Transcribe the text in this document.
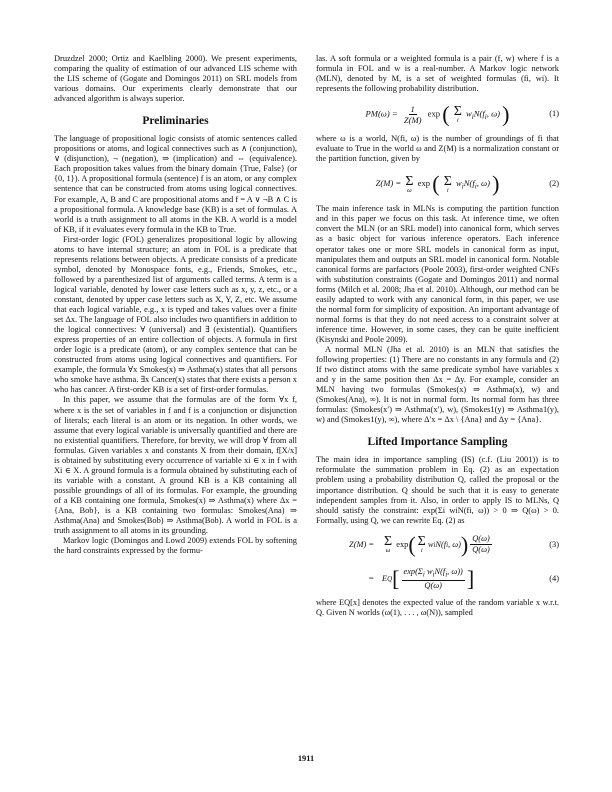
Druzdzel 2000; Ortiz and Kaelbling 2000). We present experiments, comparing the quality of estimation of our advanced LIS scheme with the LIS scheme of (Gogate and Domingos 2011) on SRL models from various domains. Our experiments clearly demonstrate that our advanced algorithm is always superior.

Preliminaries

The language of propositional logic consists of atomic sentences called propositions or atoms, and logical connectives such as ∧ (conjunction), ∨ (disjunction), ¬ (negation), ⇒ (implication) and ⇔ (equivalence). Each proposition takes values from the binary domain {True, False} (or {0, 1}). A propositional formula (sentence) f is an atom, or any complex sentence that can be constructed from atoms using logical connectives. For example, A, B and C are propositional atoms and f = A ∨ ¬B ∧ C is a propositional formula. A knowledge base (KB) is a set of formulas. A world is a truth assignment to all atoms in the KB. A world is a model of KB, if it evaluates every formula in the KB to True.

First-order logic (FOL) generalizes propositional logic by allowing atoms to have internal structure; an atom in FOL is a predicate that represents relations between objects. A predicate consists of a predicate symbol, denoted by Monospace fonts, e.g., Friends, Smokes, etc., followed by a parenthesized list of arguments called terms. A term is a logical variable, denoted by lower case letters such as x, y, z, etc., or a constant, denoted by upper case letters such as X, Y, Z, etc. We assume that each logical variable, e.g., x is typed and takes values over a finite set Δx. The language of FOL also includes two quantifiers in addition to the logical connectives: ∀ (universal) and ∃ (existential). Quantifiers express properties of an entire collection of objects. A formula in first order logic is a predicate (atom), or any complex sentence that can be constructed from atoms using logical connectives and quantifiers. For example, the formula ∀x Smokes(x) ⇒ Asthma(x) states that all persons who smoke have asthma. ∃x Cancer(x) states that there exists a person x who has cancer. A first-order KB is a set of first-order formulas.

In this paper, we assume that the formulas are of the form ∀x f, where x is the set of variables in f and f is a conjunction or disjunction of literals; each literal is an atom or its negation. In other words, we assume that every logical variable is universally quantified and there are no existential quantifiers. Therefore, for brevity, we will drop ∀ from all formulas. Given variables x and constants X from their domain, f[X/x] is obtained by substituting every occurrence of variable xi ∈ x in f with Xi ∈ X. A ground formula is a formula obtained by substituting each of its variable with a constant. A ground KB is a KB containing all possible groundings of all of its formulas. For example, the grounding of a KB containing one formula, Smokes(x) ⇒ Asthma(x) where Δx = {Ana, Bob}, is a KB containing two formulas: Smokes(Ana) ⇒ Asthma(Ana) and Smokes(Bob) ⇒ Asthma(Bob). A world in FOL is a truth assignment to all atoms in its grounding.

Markov logic (Domingos and Lowd 2009) extends FOL by softening the hard constraints expressed by the formu-

las. A soft formula or a weighted formula is a pair (f, w) where f is a formula in FOL and w is a real-number. A Markov logic network (MLN), denoted by M, is a set of weighted formulas (fi, wi). It represents the following probability distribution.

$PM(\omega) = \frac{1}{Z(M)}$ exp ( Σ
i
$w_iN(f_i$, ω) )	(1)

where ω is a world, N(fi, ω) is the number of groundings of fi that evaluate to True in the world ω and Z(M) is a normalization constant or the partition function, given by

Z(M) = Σ
ω
exp ( Σ
i
$w_iN(f_i$, ω) )	(2)

The main inference task in MLNs is computing the partition function and in this paper we focus on this task. At inference time, we often convert the MLN (or an SRL model) into canonical form, which serves as a basic object for various inference operators. Each inference operator takes one or more SRL models in canonical form as input, manipulates them and outputs an SRL model in canonical form. Notable canonical forms are parfactors (Poole 2003), first-order weighted CNFs with substitution constraints (Gogate and Domingos 2011) and normal forms (Milch et al. 2008; Jha et al. 2010). Although, our method can be easily adapted to work with any canonical form, in this paper, we use the normal form for simplicity of exposition. An important advantage of normal forms is that they do not need access to a constraint solver at inference time. However, in some cases, they can be quite inefficient (Kisynski and Poole 2009).

A normal MLN (Jha et al. 2010) is an MLN that satisfies the following properties: (1) There are no constants in any formula and (2) If two distinct atoms with the same predicate symbol have variables x and y in the same position then Δx = Δy. For example, consider an MLN having two formulas (Smokes(x) ⇒ Asthma(x), w) and (Smokes(Ana), ∞). It is not in normal form. Its normal form has three formulas: (Smokes(x′) ⇒ Asthma(x′), w), (Smokes1(y) ⇒ Asthma1(y), w) and (Smokes1(y), ∞), where Δ′x = Δx \ {Ana} and Δy = {Ana}.

Lifted Importance Sampling

The main idea in importance sampling (IS) (c.f. (Liu 2001)) is to reformulate the summation problem in Eq. (2) as an expectation problem using a probability distribution Q, called the proposal or the importance distribution. Q should be such that it is easy to generate independent samples from it. Also, in order to apply IS to MLNs, Q should satisfy the constraint: exp(Σi wiN(fi, ω)) > 0 ⇒ Q(ω) > 0. Formally, using Q, we can rewrite Eq. (2) as

Z(M) = Σ
ω
exp ( Σ
i
w i N(f i , ω) ) $\frac{Q(\omega)}{Q(\omega)}$	(3)
= E Q [ $\frac{\exp(\Sigma_i w_iN(f_i, \omega))}{Q(\omega)}$ ]	(4)

where EQ[x] denotes the expected value of the random variable x w.r.t. Q. Given N worlds (ω(1), . . . , ω(N)), sampled

1911
